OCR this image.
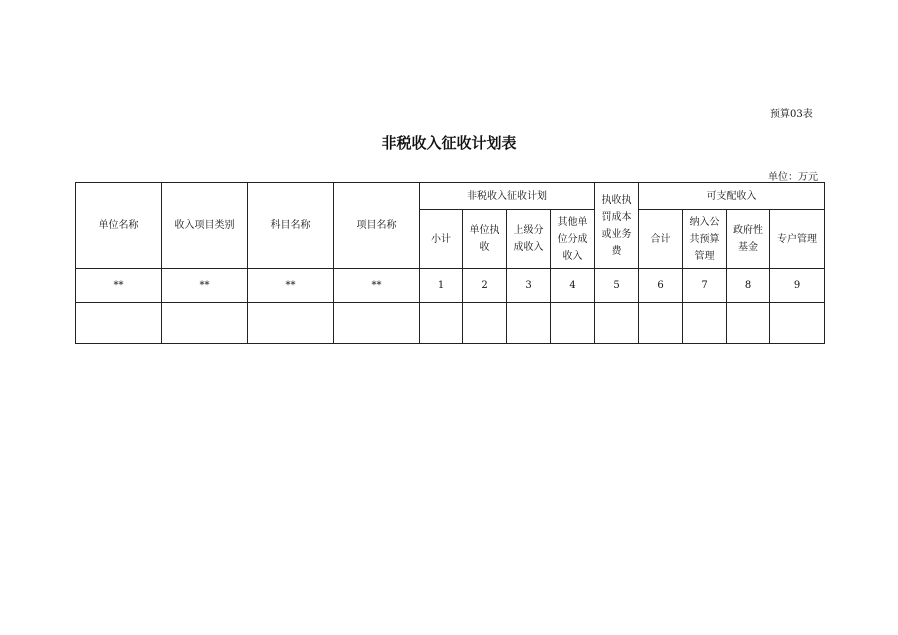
预算03表
非税收入征收计划表
单位：万元
单位名称	收入项目类别	科目名称	项目名称	非税收入征收计划				执收执罚成本或业务费	可支配收入			
				小计	单位执收	上级分成收入	其他单位分成收入		合计	纳入公共预算管理	政府性基金	专户管理
**	**	**	**	1	2	3	4	5	6	7	8	9
